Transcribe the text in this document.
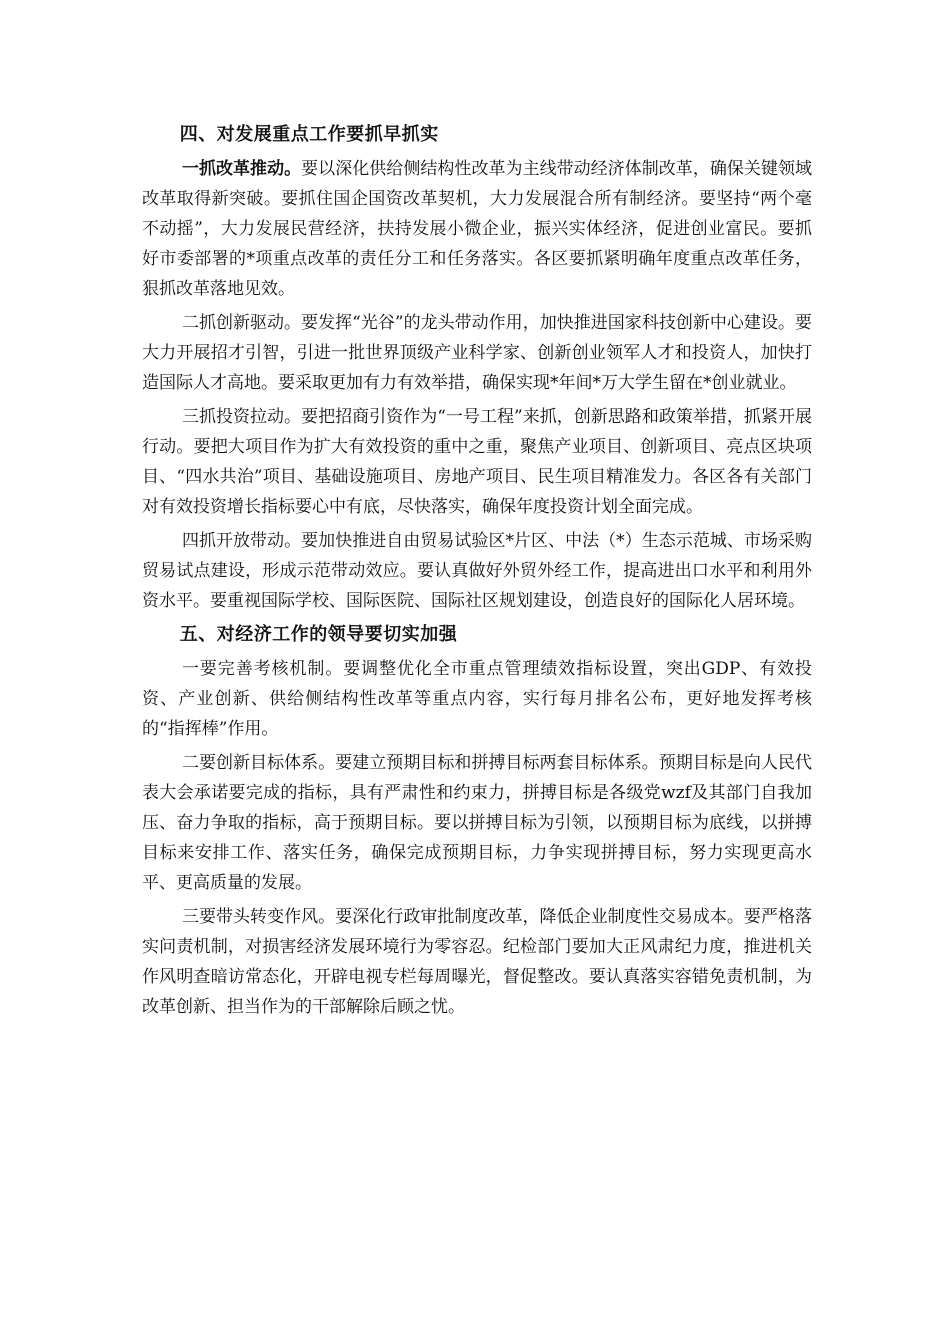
四、对发展重点工作要抓早抓实

一抓改革推动。要以深化供给侧结构性改革为主线带动经济体制改革，确保关键领域改革取得新突破。要抓住国企国资改革契机，大力发展混合所有制经济。要坚持“两个毫不动摇”，大力发展民营经济，扶持发展小微企业，振兴实体经济，促进创业富民。要抓好市委部署的*项重点改革的责任分工和任务落实。各区要抓紧明确年度重点改革任务，狠抓改革落地见效。

二抓创新驱动。要发挥“光谷”的龙头带动作用，加快推进国家科技创新中心建设。要大力开展招才引智，引进一批世界顶级产业科学家、创新创业领军人才和投资人，加快打造国际人才高地。要采取更加有力有效举措，确保实现*年间*万大学生留在*创业就业。

三抓投资拉动。要把招商引资作为“一号工程”来抓，创新思路和政策举措，抓紧开展行动。要把大项目作为扩大有效投资的重中之重，聚焦产业项目、创新项目、亮点区块项目、“四水共治”项目、基础设施项目、房地产项目、民生项目精准发力。各区各有关部门对有效投资增长指标要心中有底，尽快落实，确保年度投资计划全面完成。

四抓开放带动。要加快推进自由贸易试验区*片区、中法（*）生态示范城、市场采购贸易试点建设，形成示范带动效应。要认真做好外贸外经工作，提高进出口水平和利用外资水平。要重视国际学校、国际医院、国际社区规划建设，创造良好的国际化人居环境。

五、对经济工作的领导要切实加强

一要完善考核机制。要调整优化全市重点管理绩效指标设置，突出GDP、有效投资、产业创新、供给侧结构性改革等重点内容，实行每月排名公布，更好地发挥考核的“指挥棒”作用。

二要创新目标体系。要建立预期目标和拼搏目标两套目标体系。预期目标是向人民代表大会承诺要完成的指标，具有严肃性和约束力，拼搏目标是各级党wzf及其部门自我加压、奋力争取的指标，高于预期目标。要以拼搏目标为引领，以预期目标为底线，以拼搏目标来安排工作、落实任务，确保完成预期目标，力争实现拼搏目标，努力实现更高水平、更高质量的发展。

三要带头转变作风。要深化行政审批制度改革，降低企业制度性交易成本。要严格落实问责机制，对损害经济发展环境行为零容忍。纪检部门要加大正风肃纪力度，推进机关作风明查暗访常态化，开辟电视专栏每周曝光，督促整改。要认真落实容错免责机制，为改革创新、担当作为的干部解除后顾之忧。
